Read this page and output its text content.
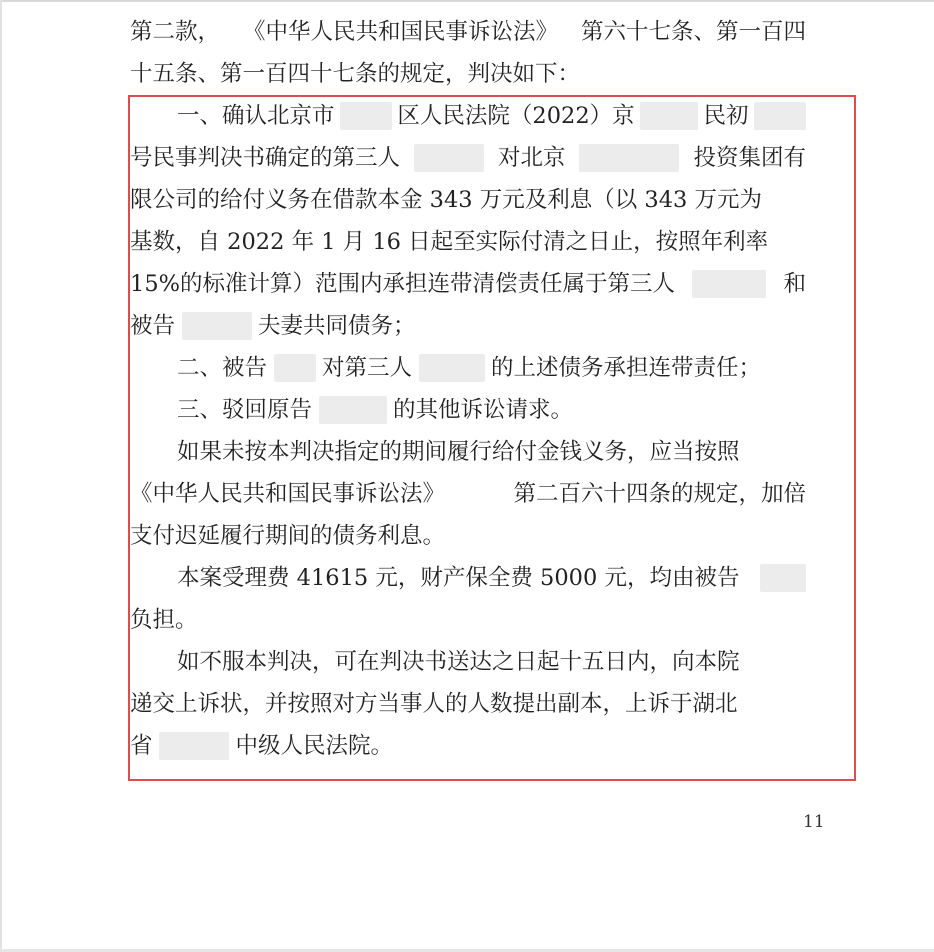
第二款， 《中华人民共和国民事诉讼法》 第六十七条、第一百四
十五条、第一百四十七条的规定，判决如下：
一、确认北京市	区人民法院（2022）京	民初
号民事判决书确定的第三人	对北京	投资集团有
限公司的给付义务在借款本金 343 万元及利息（以 343 万元为
基数，自 2022 年 1 月 16 日起至实际付清之日止，按照年利率
15%的标准计算）范围内承担连带清偿责任属于第三人	和
被告	夫妻共同债务；
二、被告 对第三人	的上述债务承担连带责任；
三、驳回原告	的其他诉讼请求。
如果未按本判决指定的期间履行给付金钱义务，应当按照
《中华人民共和国民事诉讼法》	第二百六十四条的规定，加倍
支付迟延履行期间的债务利息。
本案受理费 41615 元，财产保全费 5000 元，均由被告
负担。
如不服本判决，可在判决书送达之日起十五日内，向本院
递交上诉状，并按照对方当事人的人数提出副本，上诉于湖北
省	中级人民法院。
11
